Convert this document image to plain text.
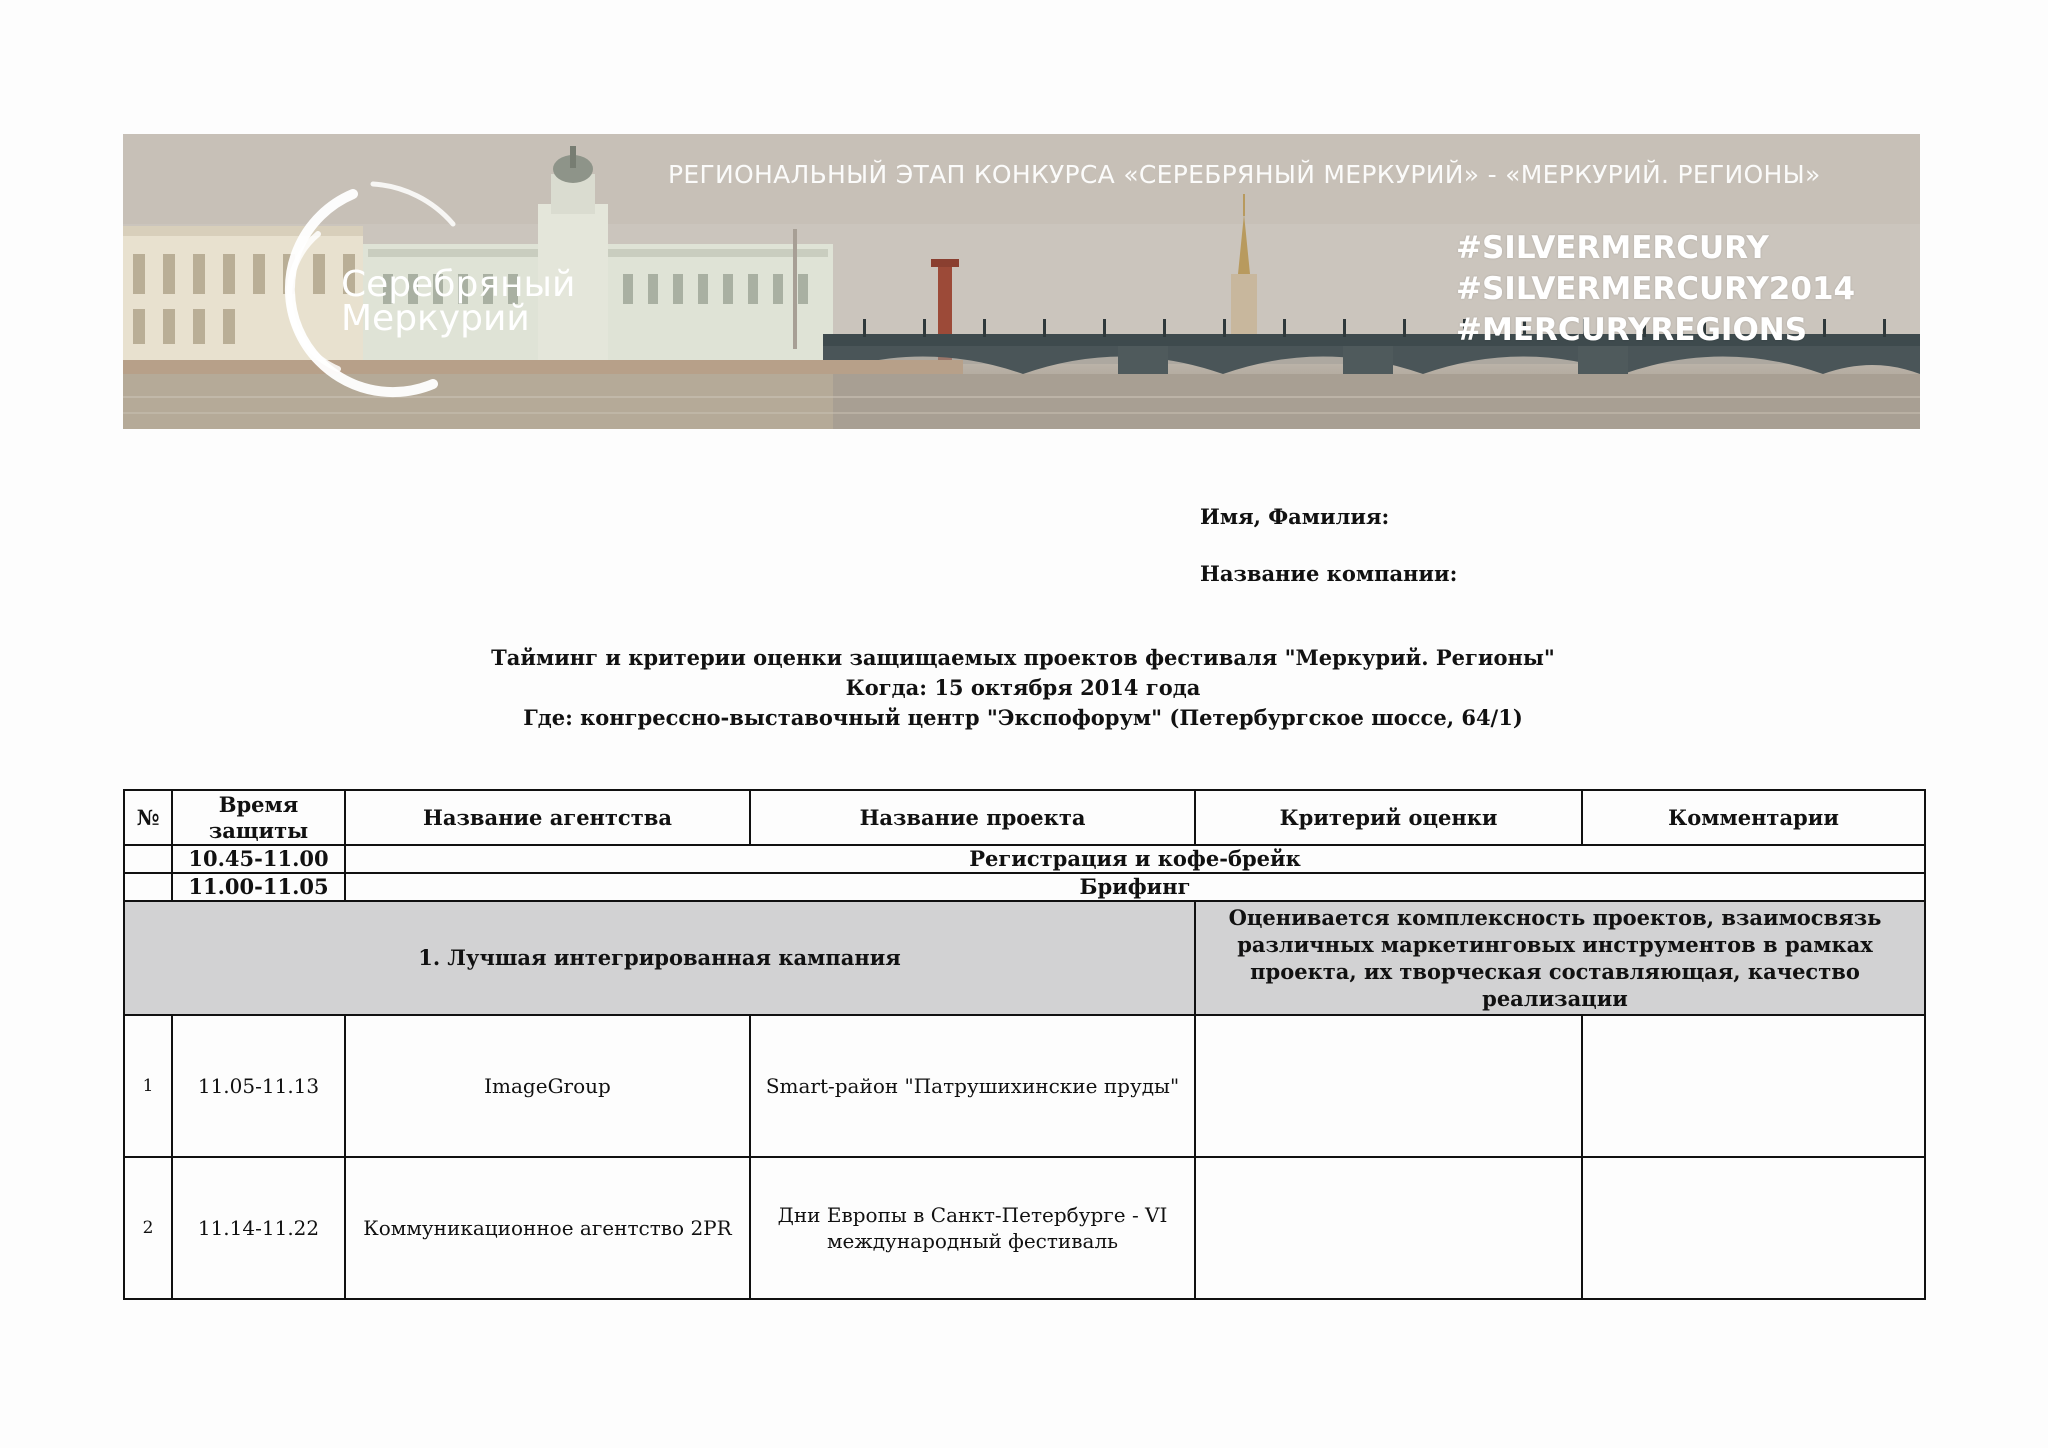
РЕГИОНАЛЬНЫЙ ЭТАП КОНКУРСА «СЕРЕБРЯНЫЙ МЕРКУРИЙ» - «МЕРКУРИЙ. РЕГИОНЫ»
Серебряный
Меркурий
#SILVERMERCURY
#SILVERMERCURY2014
#MERCURYREGIONS
Имя, Фамилия:
Название компании:
Тайминг и критерии оценки защищаемых проектов фестиваля "Меркурий. Регионы"
Когда: 15 октября 2014 года
Где: конгрессно-выставочный центр "Экспофорум" (Петербургское шоссе, 64/1)
№	Время защиты	Название агентства	Название проекта	Критерий оценки	Комментарии
	10.45-11.00	Регистрация и кофе-брейк			
	11.00-11.05	Брифинг			
1. Лучшая интегрированная кампания				Оценивается комплексность проектов, взаимосвязь различных маркетинговых инструментов в рамках проекта, их творческая составляющая, качество реализации	
1	11.05-11.13	ImageGroup	Smart-район "Патрушихинские пруды"		
2	11.14-11.22	Коммуникационное агентство 2PR	Дни Европы в Санкт-Петербурге - VI международный фестиваль		
